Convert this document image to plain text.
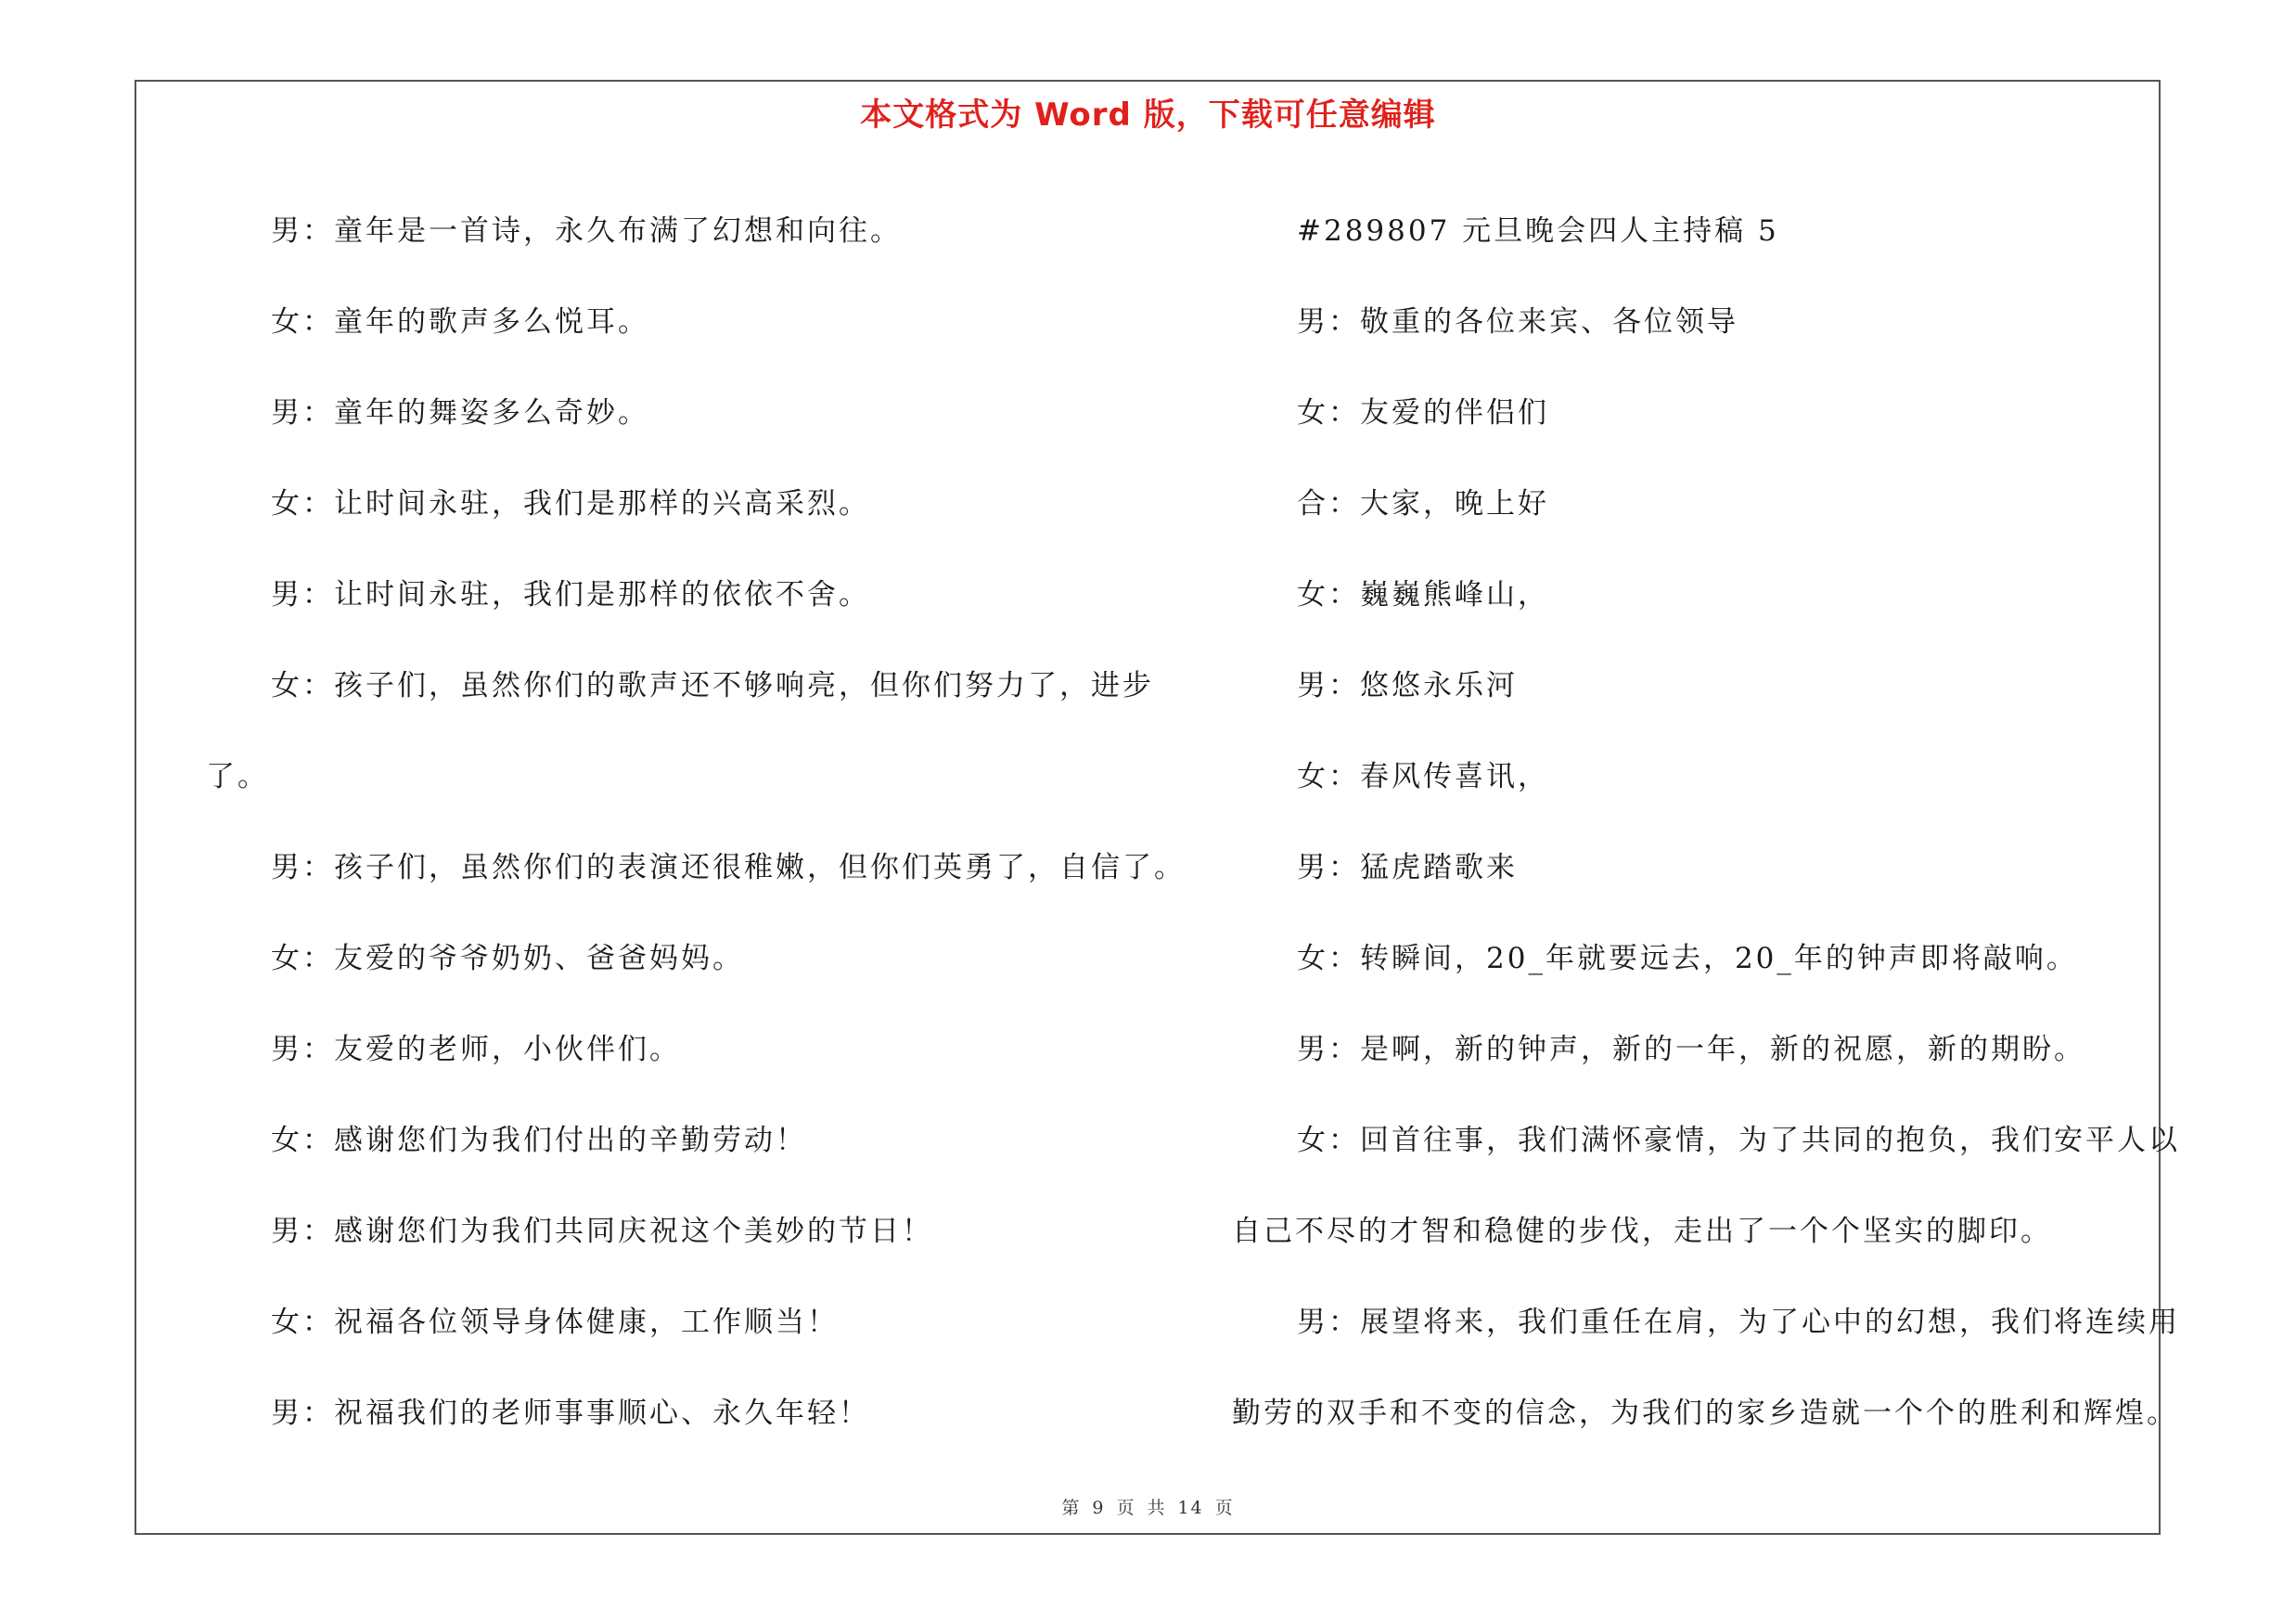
本文格式为 Word 版，下载可任意编辑
男：童年是一首诗，永久布满了幻想和向往。
女：童年的歌声多么悦耳。
男：童年的舞姿多么奇妙。
女：让时间永驻，我们是那样的兴高采烈。
男：让时间永驻，我们是那样的依依不舍。
女：孩子们，虽然你们的歌声还不够响亮，但你们努力了，进步
了。
男：孩子们，虽然你们的表演还很稚嫩，但你们英勇了，自信了。
女：友爱的爷爷奶奶、爸爸妈妈。
男：友爱的老师，小伙伴们。
女：感谢您们为我们付出的辛勤劳动！
男：感谢您们为我们共同庆祝这个美妙的节日！
女：祝福各位领导身体健康，工作顺当！
男：祝福我们的老师事事顺心、永久年轻！
#289807 元旦晚会四人主持稿 5
男：敬重的各位来宾、各位领导
女：友爱的伴侣们
合：大家，晚上好
女：巍巍熊峰山，
男：悠悠永乐河
女：春风传喜讯，
男：猛虎踏歌来
女：转瞬间，20_年就要远去，20_年的钟声即将敲响。
男：是啊，新的钟声，新的一年，新的祝愿，新的期盼。
女：回首往事，我们满怀豪情，为了共同的抱负，我们安平人以
自己不尽的才智和稳健的步伐，走出了一个个坚实的脚印。
男：展望将来，我们重任在肩，为了心中的幻想，我们将连续用
勤劳的双手和不变的信念，为我们的家乡造就一个个的胜利和辉煌。
第 9 页 共 14 页
